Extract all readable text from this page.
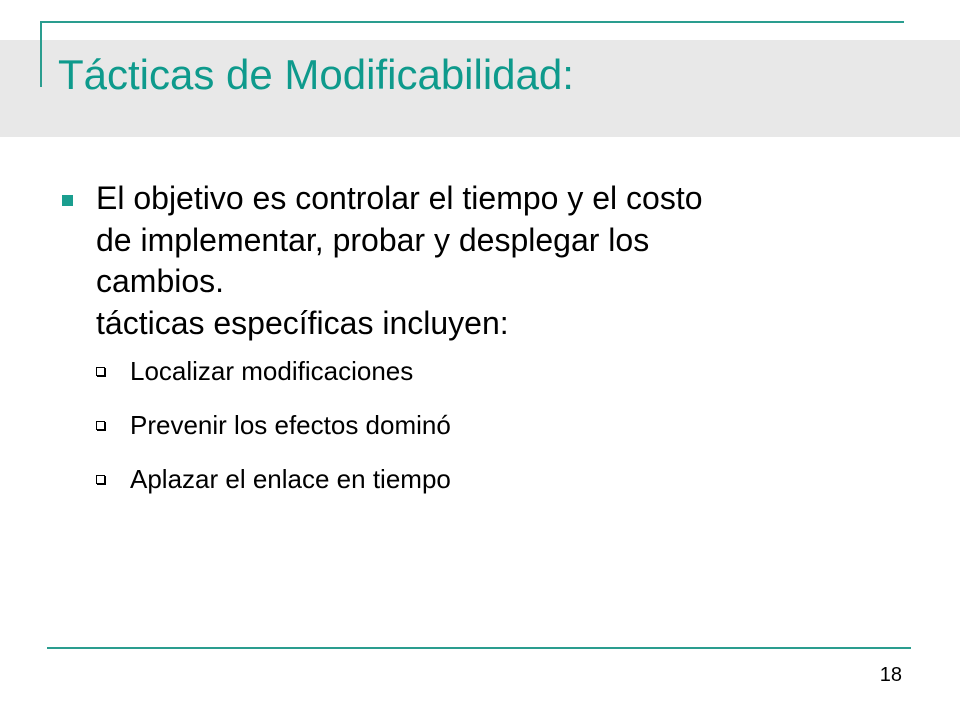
Tácticas de Modificabilidad:
El objetivo es controlar el tiempo y el costo
de implementar, probar y desplegar los
cambios.
tácticas específicas incluyen:
Localizar modificaciones
Prevenir los efectos dominó
Aplazar el enlace en tiempo
18
